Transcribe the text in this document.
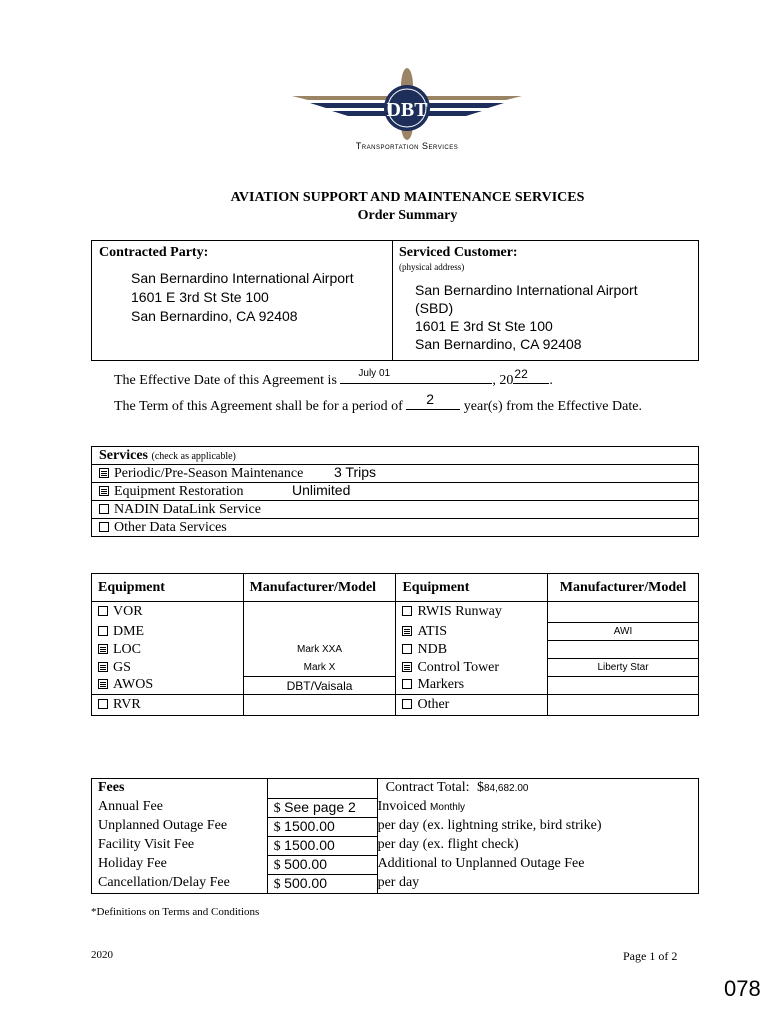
DBT
Transportation Services
AVIATION SUPPORT AND MAINTENANCE SERVICES
Order Summary
Contracted Party:
San Bernardino International Airport
1601 E 3rd St Ste 100
San Bernardino, CA 92408
Serviced Customer:
(physical address)
San Bernardino International Airport
(SBD)
1601 E 3rd St Ste 100
San Bernardino, CA 92408
The Effective Date of this Agreement is July 01	, 20 22 .
The Term of this Agreement shall be for a period of 2 year(s) from the Effective Date.
Services (check as applicable)
Periodic/Pre-Season Maintenance 3 Trips
Equipment Restoration	Unlimited
NADIN DataLink Service
Other Data Services
Equipment	Manufacturer/Model	Equipment	Manufacturer/Model
VOR		RWIS Runway	
DME		ATIS	AWI
LOC	Mark XXA	NDB	
GS	Mark X	Control Tower	Liberty Star
AWOS	DBT/Vaisala	Markers	
RVR		Other	
Fees		Contract Total: $84,682.00
Annual Fee	$ See page 2	Invoiced Monthly
Unplanned Outage Fee	$ 1500.00	per day (ex. lightning strike, bird strike)
Facility Visit Fee	$ 1500.00	per day (ex. flight check)
Holiday Fee	$ 500.00	Additional to Unplanned Outage Fee
Cancellation/Delay Fee	$ 500.00	per day
*Definitions on Terms and Conditions
2020	Page 1 of 2
078
